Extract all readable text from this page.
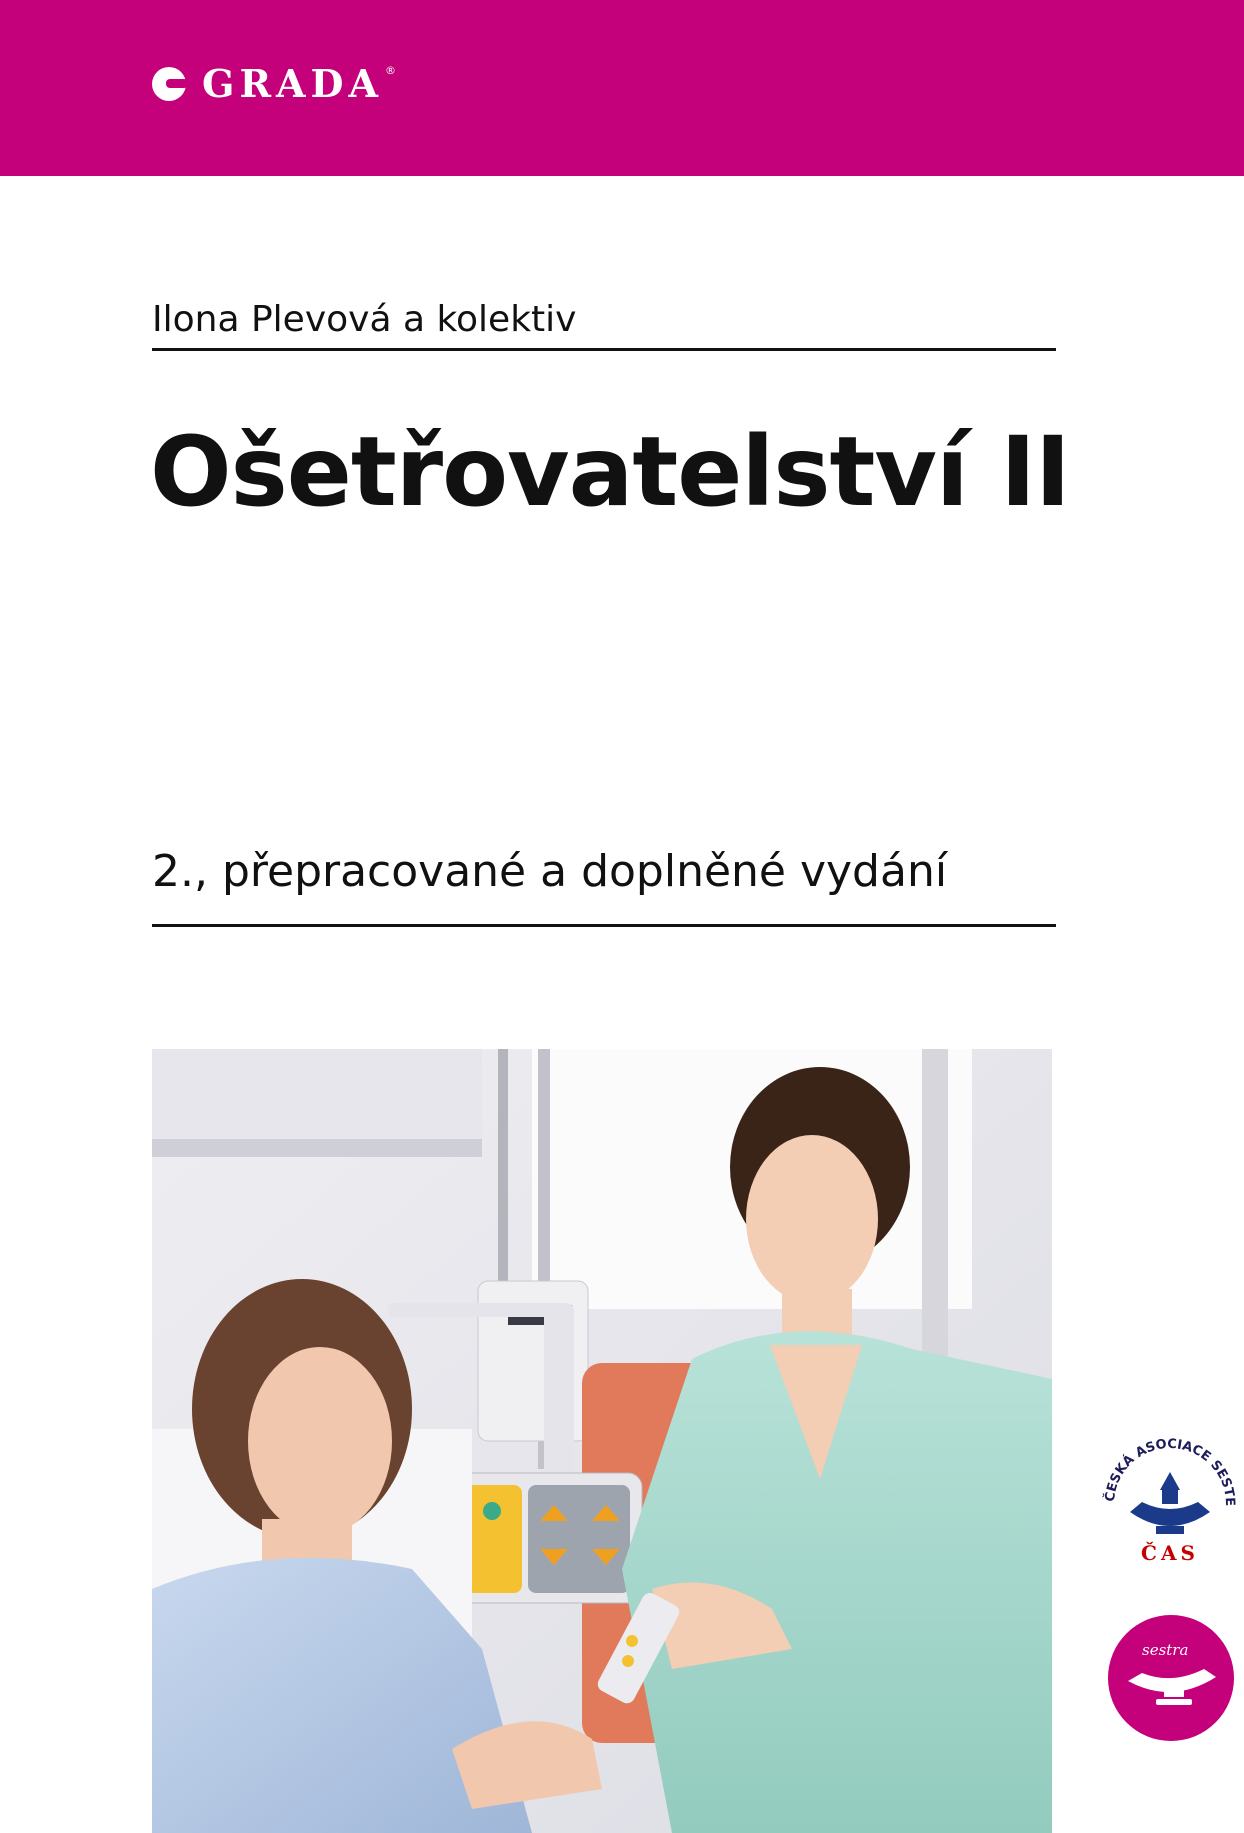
GRADA ®
Ilona Plevová a kolektiv
Ošetřovatelství II
2., přepracované a doplněné vydání
ČESKÁ ASOCIACE SESTE
ČAS
sestra
